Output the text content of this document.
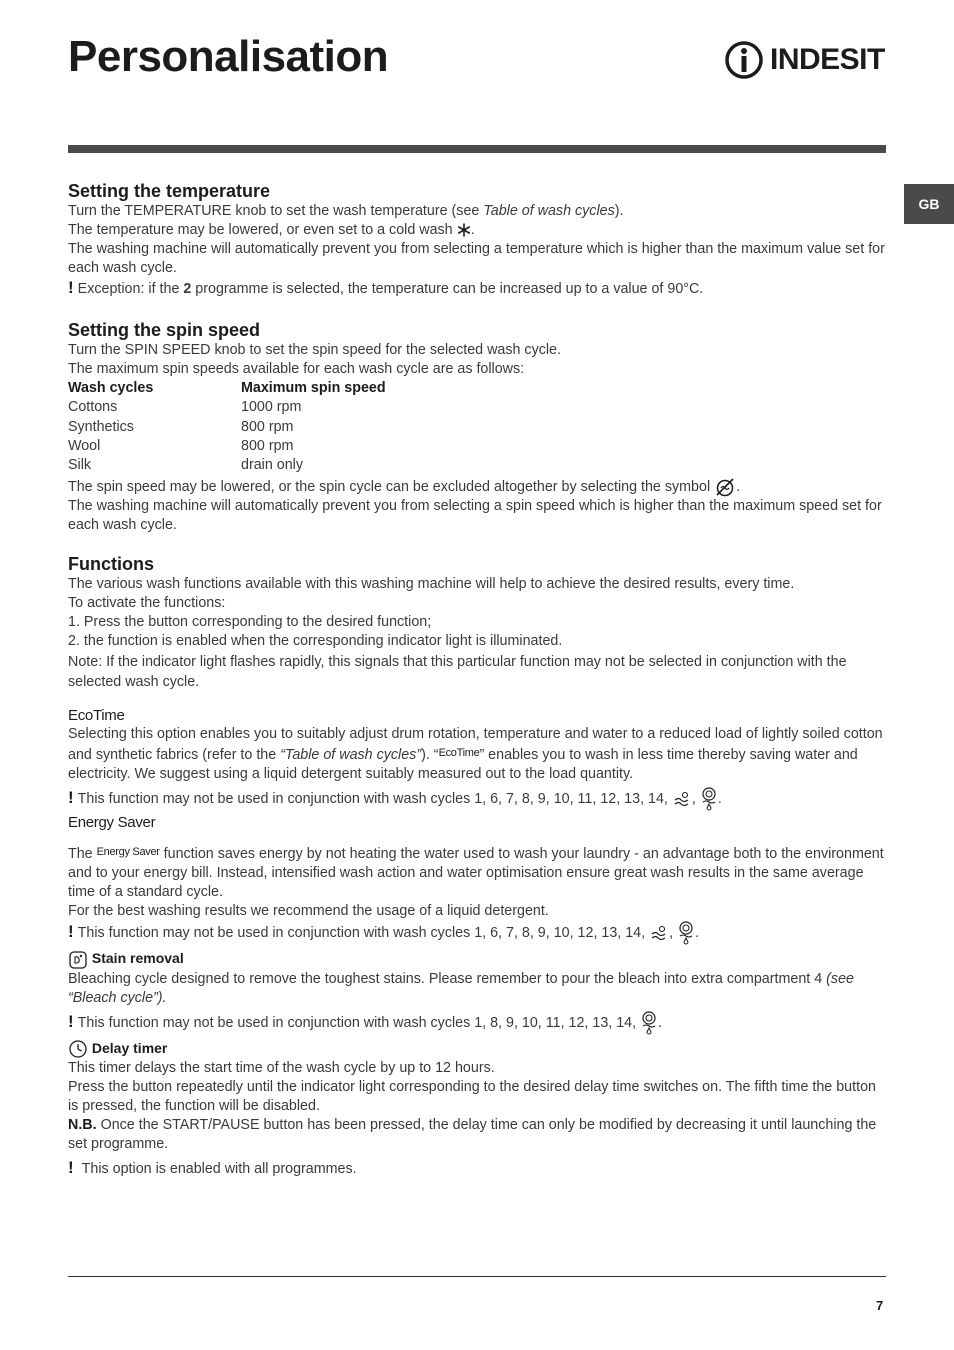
Personalisation	INDESIT
GB
Setting the temperature

Turn the TEMPERATURE knob to set the wash temperature (see Table of wash cycles).

The temperature may be lowered, or even set to a cold wash .

The washing machine will automatically prevent you from selecting a temperature which is higher than the maximum value set for each wash cycle.

! Exception: if the 2 programme is selected, the temperature can be increased up to a value of 90°C.

Setting the spin speed

Turn the SPIN SPEED knob to set the spin speed for the selected wash cycle.

The maximum spin speeds available for each wash cycle are as follows:

Wash cycles	Maximum spin speed
Cottons	1000 rpm
Synthetics	800 rpm
Wool	800 rpm
Silk	drain only

The spin speed may be lowered, or the spin cycle can be excluded altogether by selecting the symbol .

The washing machine will automatically prevent you from selecting a spin speed which is higher than the maximum speed set for each wash cycle.

Functions

The various wash functions available with this washing machine will help to achieve the desired results, every time.

To activate the functions:

1. Press the button corresponding to the desired function;

2. the function is enabled when the corresponding indicator light is illuminated.

Note: If the indicator light flashes rapidly, this signals that this particular function may not be selected in conjunction with the selected wash cycle.

EcoTime

Selecting this option enables you to suitably adjust drum rotation, temperature and water to a reduced load of lightly soiled cotton and synthetic fabrics (refer to the “Table of wash cycles”). “$^{EcoTime}$” enables you to wash in less time thereby saving water and electricity. We suggest using a liquid detergent suitably measured out to the load quantity.

! This function may not be used in conjunction with wash cycles 1, 6, 7, 8, 9, 10, 11, 12, 13, 14, , .

Energy Saver

The $^{Energy Saver}$ function saves energy by not heating the water used to wash your laundry - an advantage both to the environment and to your energy bill. Instead, intensified wash action and water optimisation ensure great wash results in the same average time of a standard cycle.

For the best washing results we recommend the usage of a liquid detergent.

! This function may not be used in conjunction with wash cycles 1, 6, 7, 8, 9, 10, 12, 13, 14, , .

Stain removal

Bleaching cycle designed to remove the toughest stains. Please remember to pour the bleach into extra compartment 4 (see “Bleach cycle”).

! This function may not be used in conjunction with wash cycles 1, 8, 9, 10, 11, 12, 13, 14, .

Delay timer

This timer delays the start time of the wash cycle by up to 12 hours.

Press the button repeatedly until the indicator light corresponding to the desired delay time switches on. The fifth time the button is pressed, the function will be disabled.

N.B. Once the START/PAUSE button has been pressed, the delay time can only be modified by decreasing it until launching the set programme.

! This option is enabled with all programmes.

7
